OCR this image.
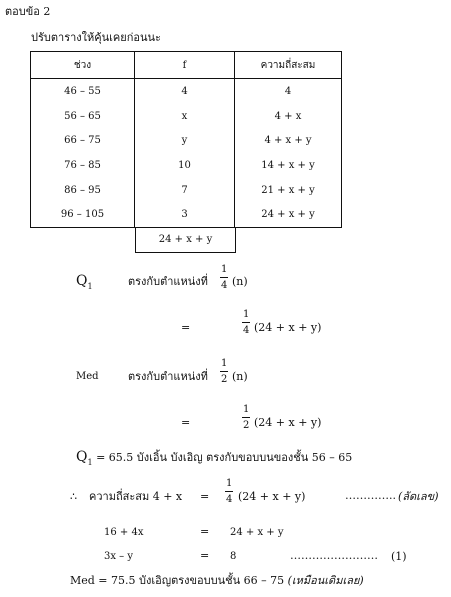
ตอบข้อ 2
ปรับตารางให้คุ้นเคยก่อนนะ
ช่วง	f	ความถี่สะสม
46 – 55	4	4
56 – 65	x	4 + x
66 – 75	y	4 + x + y
76 – 85	10	14 + x + y
86 – 95	7	21 + x + y
96 – 105	3	24 + x + y
24 + x + y
$Q_1$	ตรงกับตำแหน่งที่ $\frac{1}{4} (n)$
=	$\frac{1}{4} (24 + x + y)$
Med	ตรงกับตำแหน่งที่ $\frac{1}{2} (n)$
=	$\frac{1}{2} (24 + x + y)$
$Q_1 = 65.5$ บังเอิ้น บังเอิญ ตรงกับขอบบนของชั้น 56 – 65
∴ ความถี่สะสม $4 + x = \frac{1}{4} (24 + x + y)$	………….. (ลัดเลข)
16 + 4x	= 24 + x + y
3x – y	= 8	…………………… (1)
Med = 75.5 บังเอิญตรงขอบบนชั้น 66 – 75 (เหมือนเดิมเลย)
